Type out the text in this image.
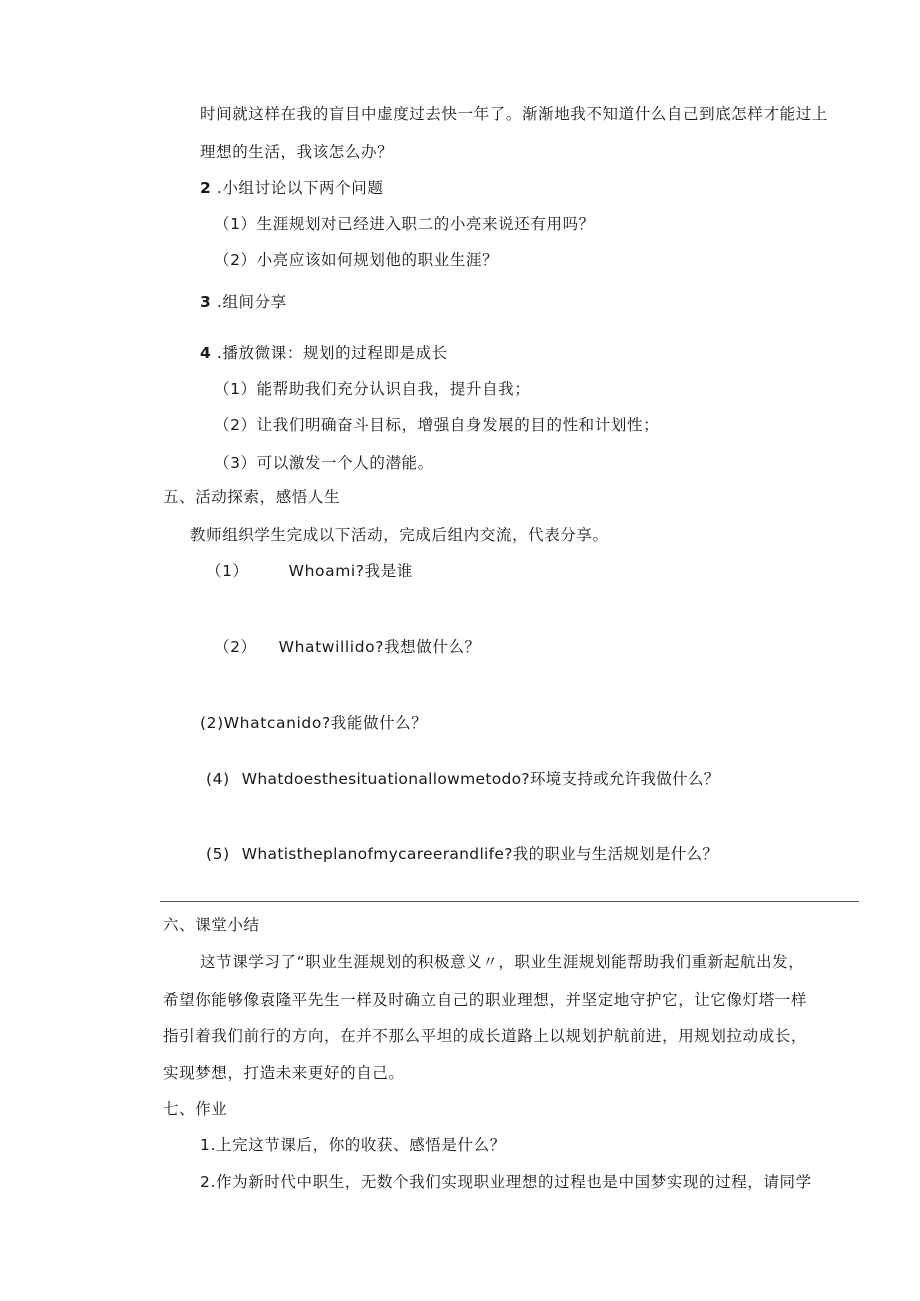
时间就这样在我的盲目中虚度过去快一年了。渐渐地我不知道什么自己到底怎样才能过上
理想的生活，我该怎么办？
2 .小组讨论以下两个问题
（1）生涯规划对已经进入职二的小亮来说还有用吗？
（2）小亮应该如何规划他的职业生涯？
3 .组间分享
4 .播放微课：规划的过程即是成长
（1）能帮助我们充分认识自我，提升自我；
（2）让我们明确奋斗目标，增强自身发展的目的性和计划性；
（3）可以激发一个人的潜能。
五、活动探索，感悟人生
教师组织学生完成以下活动，完成后组内交流，代表分享。
（1）	Whoami?我是谁
（2） Whatwillido?我想做什么？
(2)Whatcanido?我能做什么？
(4) Whatdoesthesituationallowmetodo?环境支持或允许我做什么？
(5) Whatistheplanofmycareerandlife?我的职业与生活规划是什么？
六、课堂小结
这节课学习了“职业生涯规划的积极意义〃，职业生涯规划能帮助我们重新起航出发，
希望你能够像袁隆平先生一样及时确立自己的职业理想，并坚定地守护它，让它像灯塔一样
指引着我们前行的方向，在并不那么平坦的成长道路上以规划护航前进，用规划拉动成长，
实现梦想，打造未来更好的自己。
七、作业
1.上完这节课后，你的收获、感悟是什么？
2.作为新时代中职生，无数个我们实现职业理想的过程也是中国梦实现的过程，请同学
